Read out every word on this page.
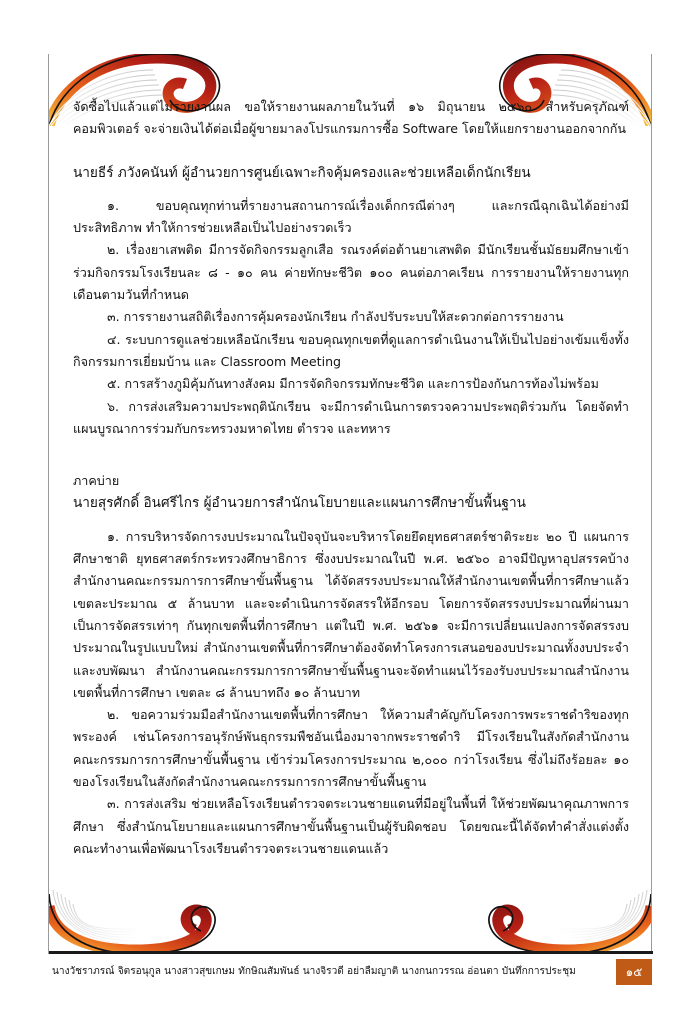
จัดซื้อไปแล้วแต่ไม่รายงานผล ขอให้รายงานผลภายในวันที่ ๑๖ มิถุนายน ๒๕๖๐ สำหรับครุภัณฑ์คอมพิวเตอร์ จะจ่ายเงินได้ต่อเมื่อผู้ขายมาลงโปรแกรมการซื้อ Software โดยให้แยกรายงานออกจากกัน

นายธีร์ ภวังคนันท์ ผู้อำนวยการศูนย์เฉพาะกิจคุ้มครองและช่วยเหลือเด็กนักเรียน

๑. ขอบคุณทุกท่านที่รายงานสถานการณ์เรื่องเด็กกรณีต่างๆ และกรณีฉุกเฉินได้อย่างมีประสิทธิภาพ ทำให้การช่วยเหลือเป็นไปอย่างรวดเร็ว

๒. เรื่องยาเสพติด มีการจัดกิจกรรมลูกเสือ รณรงค์ต่อต้านยาเสพติด มีนักเรียนชั้นมัธยมศึกษาเข้าร่วมกิจกรรมโรงเรียนละ ๘ - ๑๐ คน ค่ายทักษะชีวิต ๑๐๐ คนต่อภาคเรียน การรายงานให้รายงานทุกเดือนตามวันที่กำหนด

๓. การรายงานสถิติเรื่องการคุ้มครองนักเรียน กำลังปรับระบบให้สะดวกต่อการรายงาน

๔. ระบบการดูแลช่วยเหลือนักเรียน ขอบคุณทุกเขตที่ดูแลการดำเนินงานให้เป็นไปอย่างเข้มแข็งทั้งกิจกรรมการเยี่ยมบ้าน และ Classroom Meeting

๕. การสร้างภูมิคุ้มกันทางสังคม มีการจัดกิจกรรมทักษะชีวิต และการป้องกันการท้องไม่พร้อม

๖. การส่งเสริมความประพฤตินักเรียน จะมีการดำเนินการตรวจความประพฤติร่วมกัน โดยจัดทำแผนบูรณาการร่วมกับกระทรวงมหาดไทย ตำรวจ และทหาร

ภาคบ่าย

นายสุรศักดิ์ อินศรีไกร ผู้อำนวยการสำนักนโยบายและแผนการศึกษาขั้นพื้นฐาน

๑. การบริหารจัดการงบประมาณในปัจจุบันจะบริหารโดยยึดยุทธศาสตร์ชาติระยะ ๒๐ ปี แผนการศึกษาชาติ ยุทธศาสตร์กระทรวงศึกษาธิการ ซึ่งงบประมาณในปี พ.ศ. ๒๕๖๐ อาจมีปัญหาอุปสรรคบ้าง สำนักงานคณะกรรมการการศึกษาขั้นพื้นฐาน ได้จัดสรรงบประมาณให้สำนักงานเขตพื้นที่การศึกษาแล้ว เขตละประมาณ ๕ ล้านบาท และจะดำเนินการจัดสรรให้อีกรอบ โดยการจัดสรรงบประมาณที่ผ่านมาเป็นการจัดสรรเท่าๆ กันทุกเขตพื้นที่การศึกษา แต่ในปี พ.ศ. ๒๕๖๑ จะมีการเปลี่ยนแปลงการจัดสรรงบประมาณในรูปแบบใหม่ สำนักงานเขตพื้นที่การศึกษาต้องจัดทำโครงการเสนอของบประมาณทั้งงบประจำและงบพัฒนา สำนักงานคณะกรรมการการศึกษาขั้นพื้นฐานจะจัดทำแผนไว้รองรับงบประมาณสำนักงานเขตพื้นที่การศึกษา เขตละ ๘ ล้านบาทถึง ๑๐ ล้านบาท

๒. ขอความร่วมมือสำนักงานเขตพื้นที่การศึกษา ให้ความสำคัญกับโครงการพระราชดำริของทุกพระองค์ เช่นโครงการอนุรักษ์พันธุกรรมพืชอันเนื่องมาจากพระราชดำริ มีโรงเรียนในสังกัดสำนักงานคณะกรรมการการศึกษาขั้นพื้นฐาน เข้าร่วมโครงการประมาณ ๒,๐๐๐ กว่าโรงเรียน ซึ่งไม่ถึงร้อยละ ๑๐ ของโรงเรียนในสังกัดสำนักงานคณะกรรมการการศึกษาขั้นพื้นฐาน

๓. การส่งเสริม ช่วยเหลือโรงเรียนตำรวจตระเวนชายแดนที่มีอยู่ในพื้นที่ ให้ช่วยพัฒนาคุณภาพการศึกษา ซึ่งสำนักนโยบายและแผนการศึกษาขั้นพื้นฐานเป็นผู้รับผิดชอบ โดยขณะนี้ได้จัดทำคำสั่งแต่งตั้งคณะทำงานเพื่อพัฒนาโรงเรียนตำรวจตระเวนชายแดนแล้ว

นางวัชราภรณ์ จิตรอนุกูล นางสาวสุขเกษม ทักษิณสัมพันธ์ นางจิรวดี อย่าลืมญาติ นางกนกวรรณ อ่อนตา บันทึกการประชุม	๑๕
